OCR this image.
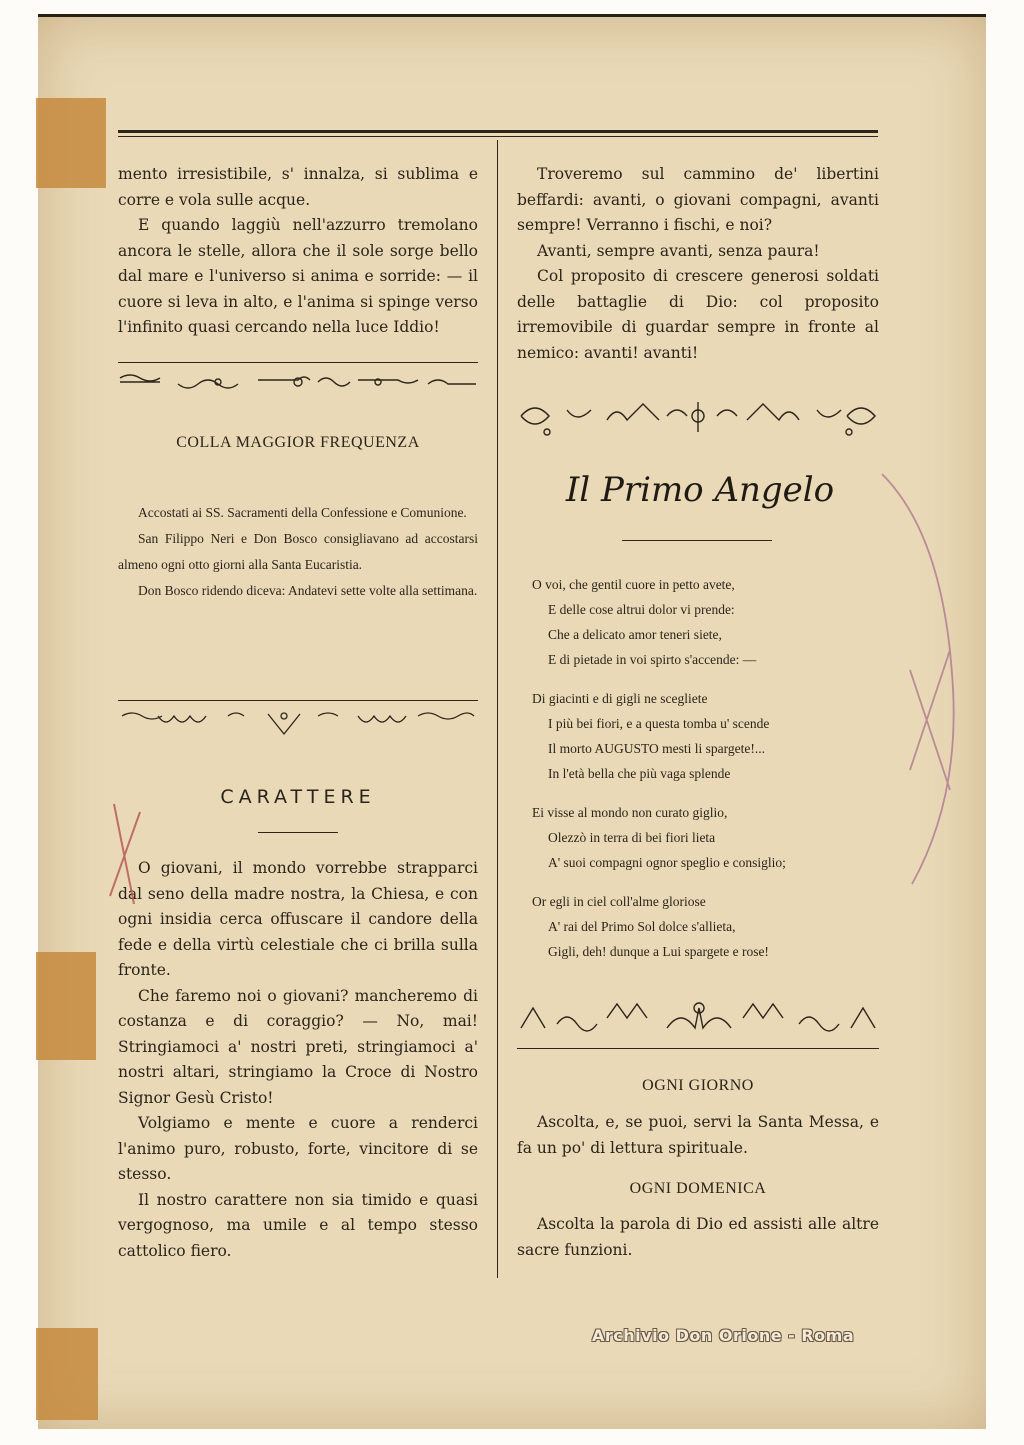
mento irresistibile, s' innalza, si sublima e corre e vola sulle acque.

E quando laggiù nell'azzurro tremolano ancora le stelle, allora che il sole sorge bello dal mare e l'universo si anima e sorride: — il cuore si leva in alto, e l'anima si spinge verso l'infinito quasi cercando nella luce Iddio!

COLLA MAGGIOR FREQUENZA

Accostati ai SS. Sacramenti della Confessione e Comunione.

San Filippo Neri e Don Bosco consigliavano ad accostarsi almeno ogni otto giorni alla Santa Eucaristia.

Don Bosco ridendo diceva: Andatevi sette volte alla settimana.

CARATTERE

O giovani, il mondo vorrebbe strapparci dal seno della madre nostra, la Chiesa, e con ogni insidia cerca offuscare il candore della fede e della virtù celestiale che ci brilla sulla fronte.

Che faremo noi o giovani? mancheremo di costanza e di coraggio? — No, mai! Stringiamoci a' nostri preti, stringiamoci a' nostri altari, stringiamo la Croce di Nostro Signor Gesù Cristo!

Volgiamo e mente e cuore a renderci l'animo puro, robusto, forte, vincitore di se stesso.

Il nostro carattere non sia timido e quasi vergognoso, ma umile e al tempo stesso cattolico fiero.

Troveremo sul cammino de' libertini beffardi: avanti, o giovani compagni, avanti sempre! Verranno i fischi, e noi?

Avanti, sempre avanti, senza paura!

Col proposito di crescere generosi soldati delle battaglie di Dio: col proposito irremovibile di guardar sempre in fronte al nemico: avanti! avanti!

Il Primo Angelo
O voi, che gentil cuore in petto avete,
E delle cose altrui dolor vi prende:
Che a delicato amor teneri siete,
E di pietade in voi spirto s'accende: —
Di giacinti e di gigli ne scegliete
I più bei fiori, e a questa tomba u' scende
Il morto AUGUSTO mesti li spargete!...
In l'età bella che più vaga splende
Ei visse al mondo non curato giglio,
Olezzò in terra di bei fiori lieta
A' suoi compagni ognor speglio e consiglio;
Or egli in ciel coll'alme gloriose
A' rai del Primo Sol dolce s'allieta,
Gigli, deh! dunque a Lui spargete e rose!
OGNI GIORNO

Ascolta, e, se puoi, servi la Santa Messa, e fa un po' di lettura spirituale.

OGNI DOMENICA

Ascolta la parola di Dio ed assisti alle altre sacre funzioni.

Archivio Don Orione - Roma
